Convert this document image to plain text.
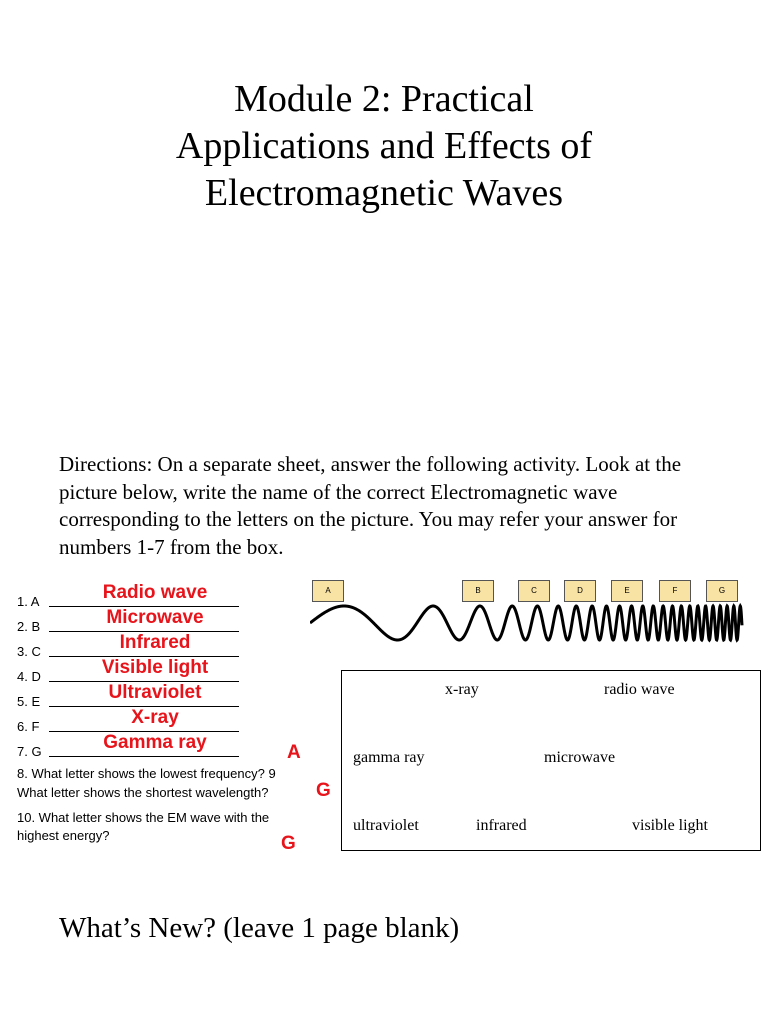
Module 2: Practical
Applications and Effects of
Electromagnetic Waves
Directions: On a separate sheet, answer the following activity. Look at the picture below, write the name of the correct Electromagnetic wave corresponding to the letters on the picture. You may refer your answer for numbers 1-7 from the box.
1. A	Radio wave
2. B	Microwave
3. C	Infrared
4. D	Visible light
5. E	Ultraviolet
6. F	X-ray
7. G	Gamma ray
8. What letter shows the lowest frequency? 9
What letter shows the shortest wavelength?
10. What letter shows the EM wave with the
highest energy?
A
G
G
A	B	C	D	E	F	G
x-ray	radio wave
gamma ray	microwave
ultraviolet	infrared	visible light
What’s New? (leave 1 page blank)
